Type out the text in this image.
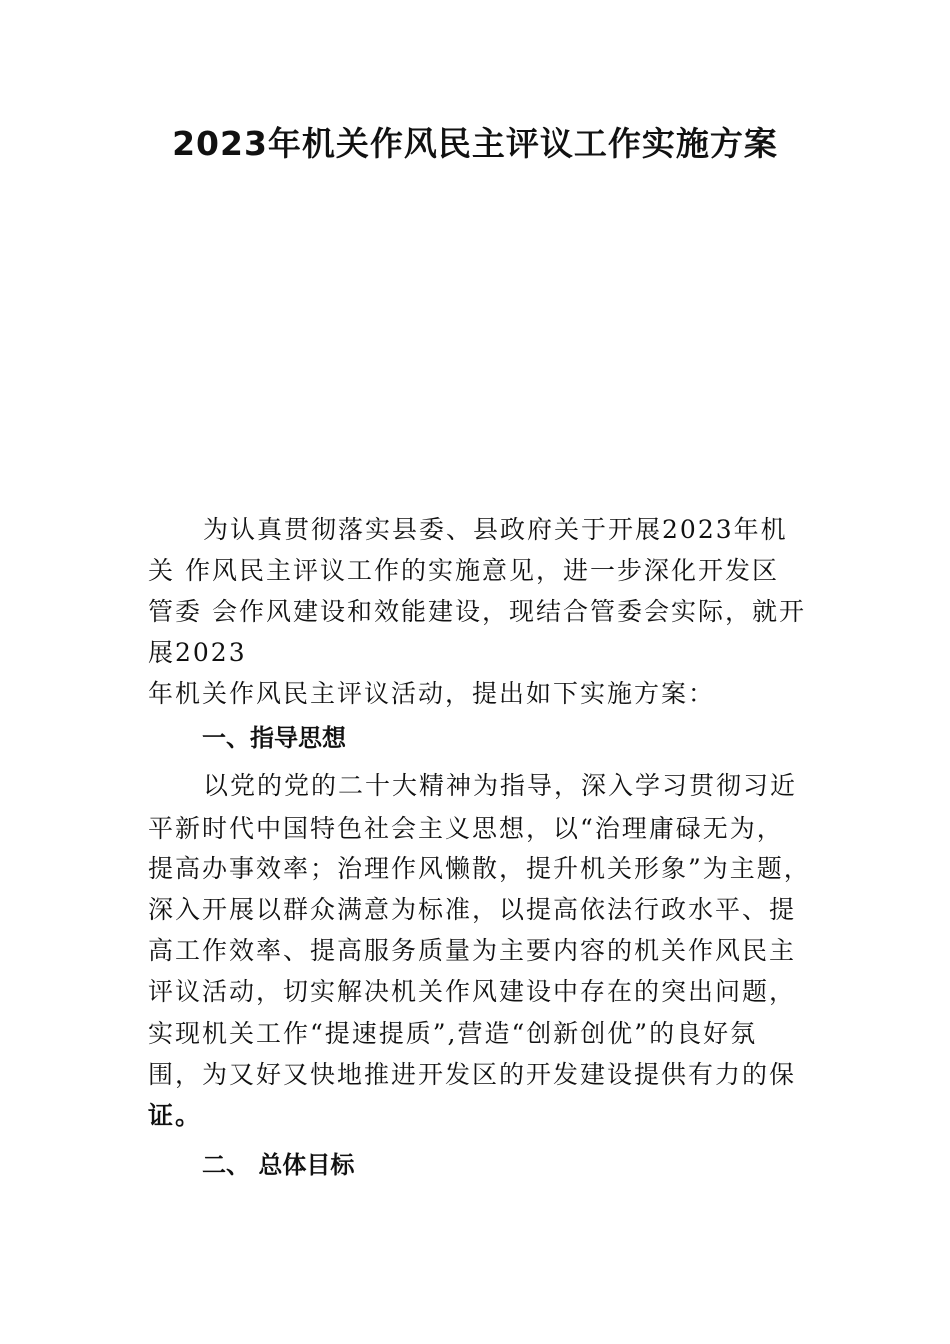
2023年机关作风民主评议工作实施方案
为认真贯彻落实县委、县政府关于开展2023年机
关 作风民主评议工作的实施意见，进一步深化开发区
管委 会作风建设和效能建设，现结合管委会实际，就开
展2023
年机关作风民主评议活动，提出如下实施方案：
一、指导思想
以党的党的二十大精神为指导，深入学习贯彻习近
平新时代中国特色社会主义思想，以“治理庸碌无为，
提高办事效率；治理作风懒散，提升机关形象”为主题，
深入开展以群众满意为标准，以提高依法行政水平、提
高工作效率、提高服务质量为主要内容的机关作风民主
评议活动，切实解决机关作风建设中存在的突出问题，
实现机关工作“提速提质”,营造“创新创优”的良好氛
围，为又好又快地推进开发区的开发建设提供有力的保
证。
二、 总体目标
